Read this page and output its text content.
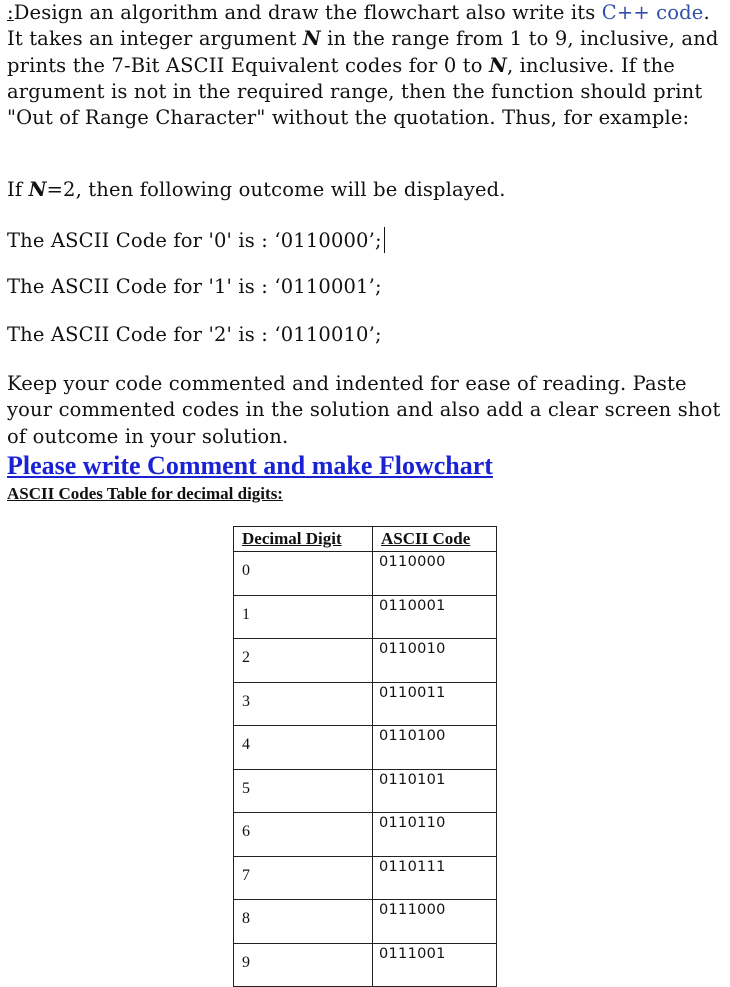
:Design an algorithm and draw the flowchart also write its C++ code. It takes an integer argument N in the range from 1 to 9, inclusive, and prints the 7-Bit ASCII Equivalent codes for 0 to N, inclusive. If the argument is not in the required range, then the function should print "Out of Range Character" without the quotation. Thus, for example:

If N=2, then following outcome will be displayed.

The ASCII Code for '0' is : ‘0110000’;

The ASCII Code for '1' is : ‘0110001’;

The ASCII Code for '2' is : ‘0110010’;

Keep your code commented and indented for ease of reading. Paste your commented codes in the solution and also add a clear screen shot of outcome in your solution.

Please write Comment and make Flowchart
ASCII Codes Table for decimal digits:
Decimal Digit	ASCII Code

0	0110000

1	0110001

2	0110010

3	0110011

4	0110100

5	0110101

6	0110110

7	0110111

8	0111000

9	0111001
